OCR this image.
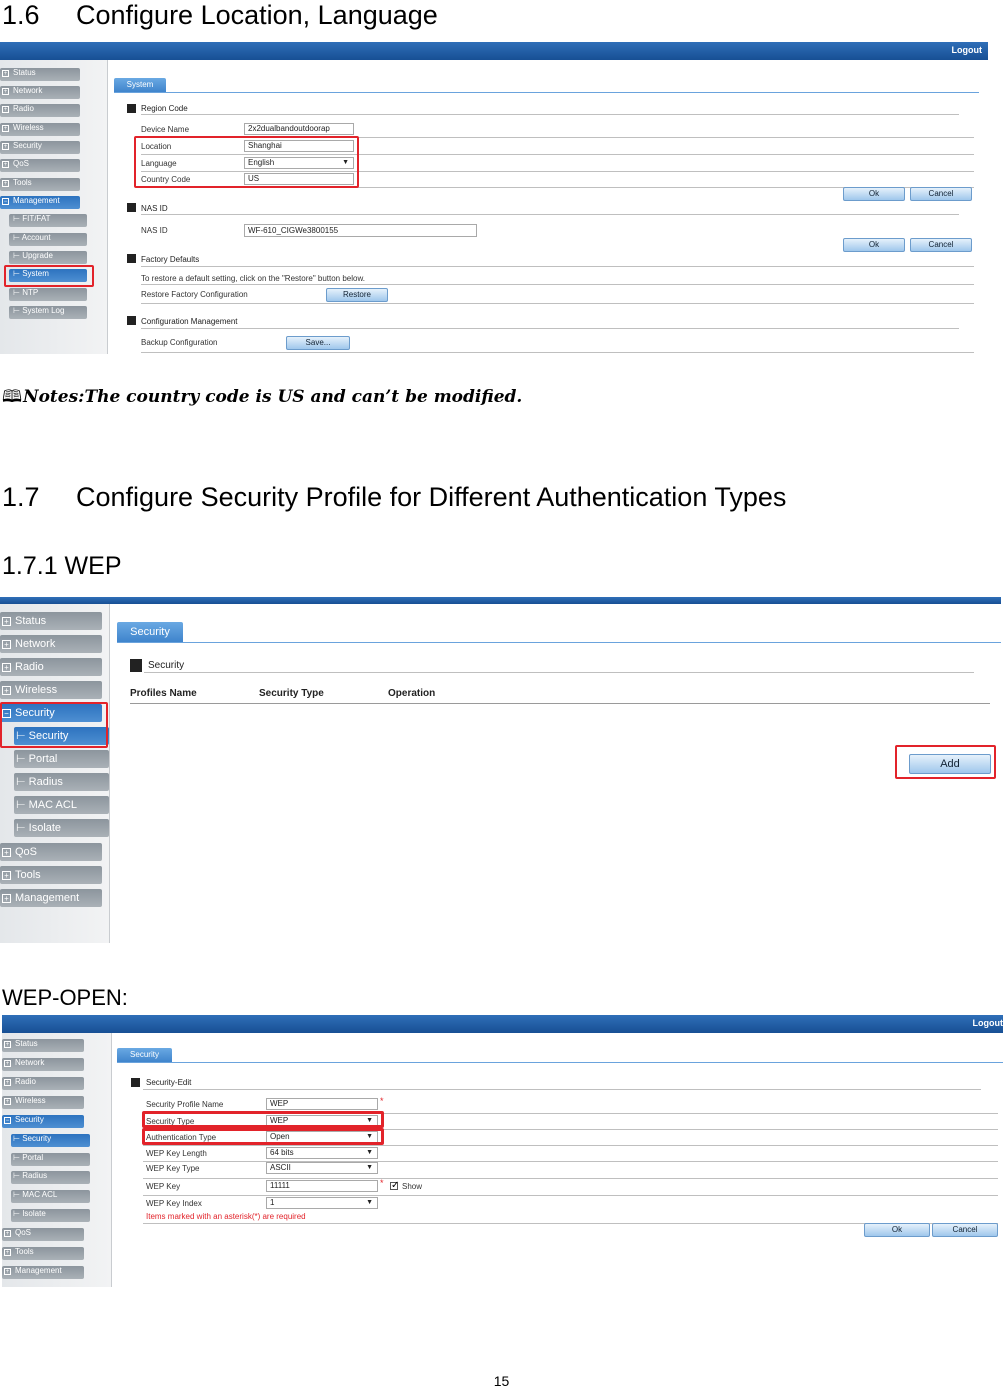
1.6 Configure Location, Language
Logout
+ Status
+ Network
+ Radio
+ Wireless
+ Security
+ QoS
+ Tools
− Management
⊢ FIT/FAT
⊢ Account
⊢ Upgrade
⊢ System
⊢ NTP
⊢ System Log
System
Region Code
Device Name	2x2dualbandoutdoorap
Location	Shanghai
Language	English	▼
Country Code	US
Ok	Cancel
NAS ID
NAS ID	WF-610_CIGWe3800155
Ok	Cancel
Factory Defaults
To restore a default setting, click on the "Restore" button below.
Restore Factory Configuration	Restore
Configuration Management
Backup Configuration	Save...
🕮Notes:The country code is US and can’t be modified.
1.7 Configure Security Profile for Different Authentication Types
1.7.1 WEP
+ Status
+ Network
+ Radio
+ Wireless
− Security
⊢ Security
⊢ Portal
⊢ Radius
⊢ MAC ACL
⊢ Isolate
+ QoS
+ Tools
+ Management
Security
Security
Profiles Name	Security Type	Operation
Add
WEP-OPEN:
Logout
+ Status
+ Network
+ Radio
+ Wireless
− Security
⊢ Security
⊢ Portal
⊢ Radius
⊢ MAC ACL
⊢ Isolate
+ QoS
+ Tools
+ Management
Security
Security-Edit
Security Profile Name	WEP	*
Security Type	WEP	▼
Authentication Type	Open	▼
WEP Key Length	64 bits	▼
WEP Key Type	ASCII	▼
WEP Key	11111	*
✓ Show
WEP Key Index	1	▼
Items marked with an asterisk(*) are required
Ok	Cancel
15
